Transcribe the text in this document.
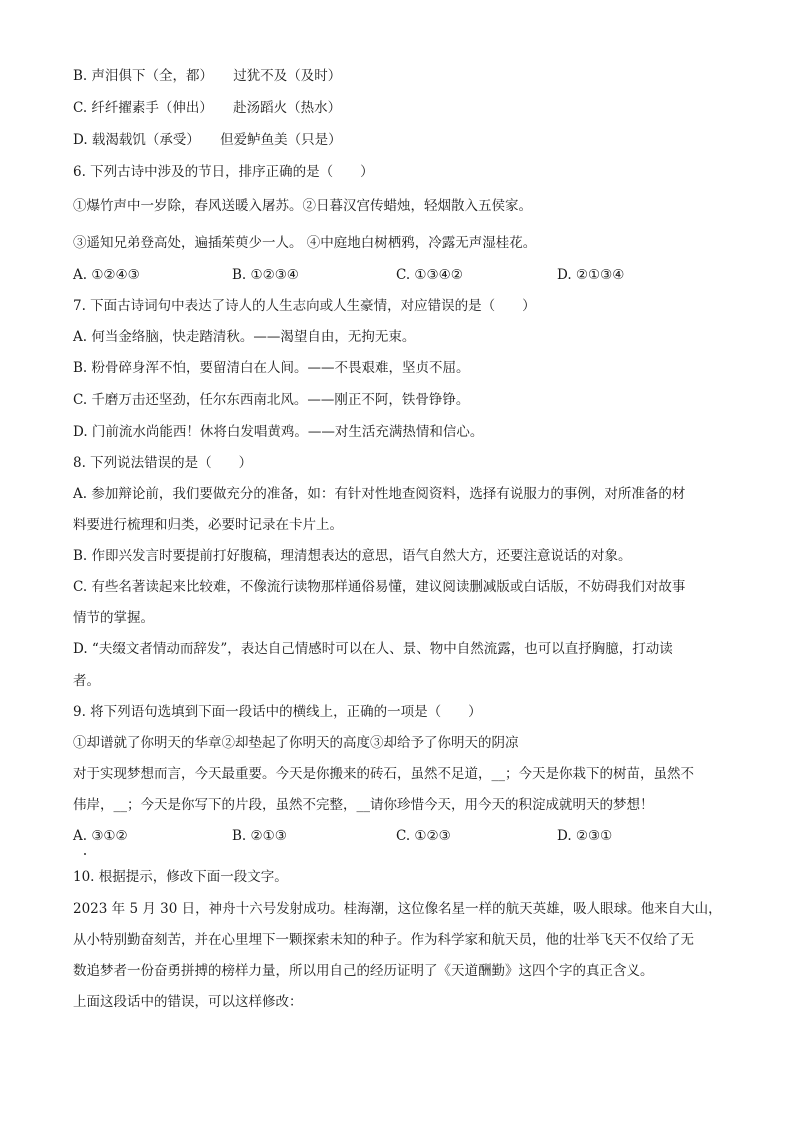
B. 声泪俱下（全，都）　　过犹不及（及时）
C. 纤纤擢素手（伸出）　　赴汤蹈火（热水）
D. 载渴载饥（承受）　　但爱鲈鱼美（只是）
6. 下列古诗中涉及的节日，排序正确的是（　　）
①爆竹声中一岁除，春风送暖入屠苏。②日暮汉宫传蜡烛，轻烟散入五侯家。
③遥知兄弟登高处，遍插茱萸少一人。 ④中庭地白树栖鸦，冷露无声湿桂花。
A. ①②④③	B. ①②③④	C. ①③④②	D. ②①③④
7. 下面古诗词句中表达了诗人的人生志向或人生豪情，对应错误的是（　　）
A. 何当金络脑，快走踏清秋。——渴望自由，无拘无束。
B. 粉骨碎身浑不怕，要留清白在人间。——不畏艰难，坚贞不屈。
C. 千磨万击还坚劲，任尔东西南北风。——刚正不阿，铁骨铮铮。
D. 门前流水尚能西！休将白发唱黄鸡。——对生活充满热情和信心。
8. 下列说法错误的是（　　）
A. 参加辩论前，我们要做充分的准备，如：有针对性地查阅资料，选择有说服力的事例，对所准备的材
料要进行梳理和归类，必要时记录在卡片上。
B. 作即兴发言时要提前打好腹稿，理清想表达的意思，语气自然大方，还要注意说话的对象。
C. 有些名著读起来比较难，不像流行读物那样通俗易懂，建议阅读删减版或白话版，不妨碍我们对故事
情节的掌握。
D. “夫缀文者情动而辞发”，表达自己情感时可以在人、景、物中自然流露，也可以直抒胸臆，打动读
者。
9. 将下列语句选填到下面一段话中的横线上，正确的一项是（　　）
①却谱就了你明天的华章②却垫起了你明天的高度③却给予了你明天的阴凉
对于实现梦想而言，今天最重要。今天是你搬来的砖石，虽然不足道，__；今天是你栽下的树苗，虽然不
伟岸，__；今天是你写下的片段，虽然不完整，__请你珍惜今天，用今天的积淀成就明天的梦想！
A. ③①②	B. ②①③	C. ①②③	D. ②③①
10. 根据提示，修改下面一段文字。
2023 年 5 月 30 日，神舟十六号发射成功。桂海潮，这位像名星一样的航天英雄，吸人眼球。他来自大山，
从小特别勤奋刻苦，并在心里埋下一颗探索未知的种子。作为科学家和航天员，他的壮举飞天不仅给了无
数追梦者一份奋勇拼搏的榜样力量，所以用自己的经历证明了《天道酬勤》这四个字的真正含义。
上面这段话中的错误，可以这样修改：
